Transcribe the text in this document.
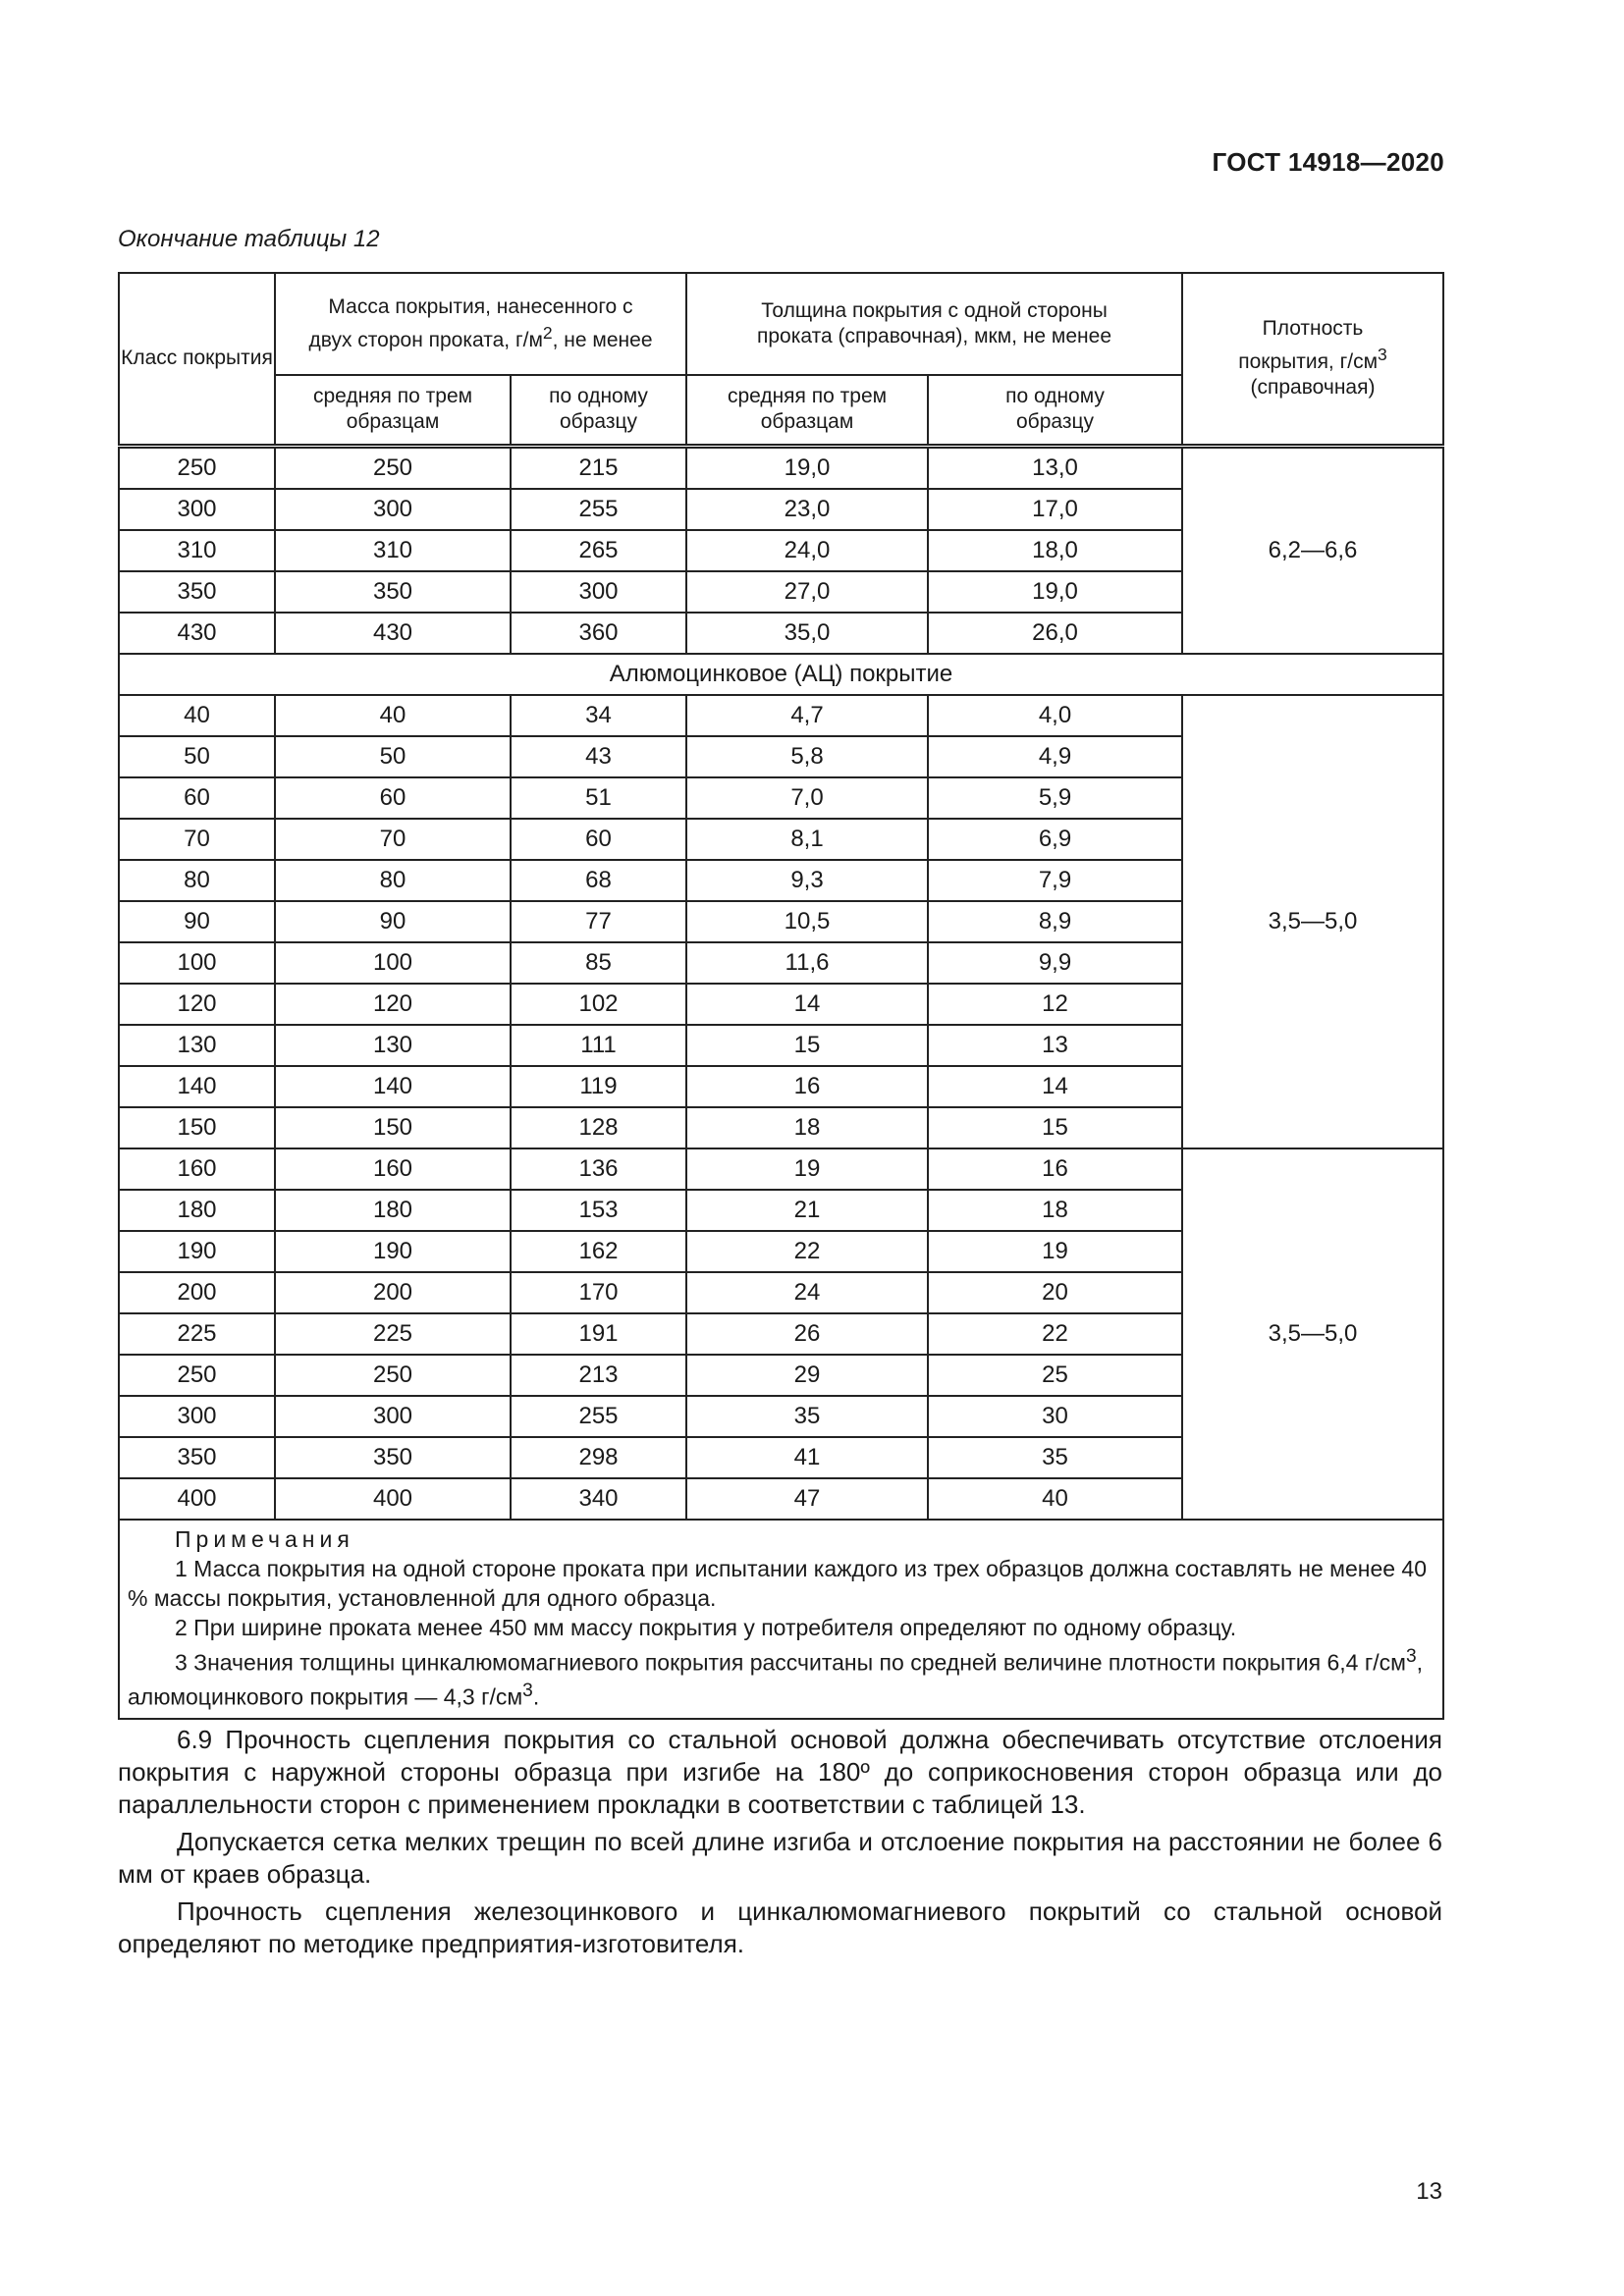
ГОСТ 14918—2020
Окончание таблицы 12
Класс покрытия	Масса покрытия, нанесенного с двух сторон проката, $г/м^2$, не менее		Толщина покрытия с одной стороны проката (справочная), мкм, не менее		Плотность покрытия, $г/см^3$
(справочная)

	средняя по трем образцам	по одному образцу	средняя по трем образцам	по одному образцу	

250	250	215	19,0	13,0	6,2—6,6
300	300	255	23,0	17,0	
310	310	265	24,0	18,0	
350	350	300	27,0	19,0	
430	430	360	35,0	26,0	
Алюмоцинковое (АЦ) покрытие					
40	40	34	4,7	4,0	3,5—5,0
50	50	43	5,8	4,9	
60	60	51	7,0	5,9	
70	70	60	8,1	6,9	
80	80	68	9,3	7,9	
90	90	77	10,5	8,9	
100	100	85	11,6	9,9	
120	120	102	14	12	
130	130	111	15	13	
140	140	119	16	14	
150	150	128	18	15	
160	160	136	19	16	3,5—5,0
180	180	153	21	18	
190	190	162	22	19	
200	200	170	24	20	
225	225	191	26	22	
250	250	213	29	25	
300	300	255	35	30	
350	350	298	41	35	
400	400	340	47	40	

Примечания
1 Масса покрытия на одной стороне проката при испытании каждого из трех образцов должна составлять не менее 40 % массы покрытия, установленной для одного образца.
2 При ширине проката менее 450 мм массу покрытия у потребителя определяют по одному образцу.
3 Значения толщины цинкалюмомагниевого покрытия рассчитаны по средней величине плотности покрытия 6,4 $г/см^3$, алюмоцинкового покрытия — 4,3 $г/см^3$.					

6.9 Прочность сцепления покрытия со стальной основой должна обеспечивать отсутствие отслоения покрытия с наружной стороны образца при изгибе на 180º до соприкосновения сторон образца или до параллельности сторон с применением прокладки в соответствии с таблицей 13.

Допускается сетка мелких трещин по всей длине изгиба и отслоение покрытия на расстоянии не более 6 мм от краев образца.

Прочность сцепления железоцинкового и цинкалюмомагниевого покрытий со стальной основой определяют по методике предприятия-изготовителя.

13
